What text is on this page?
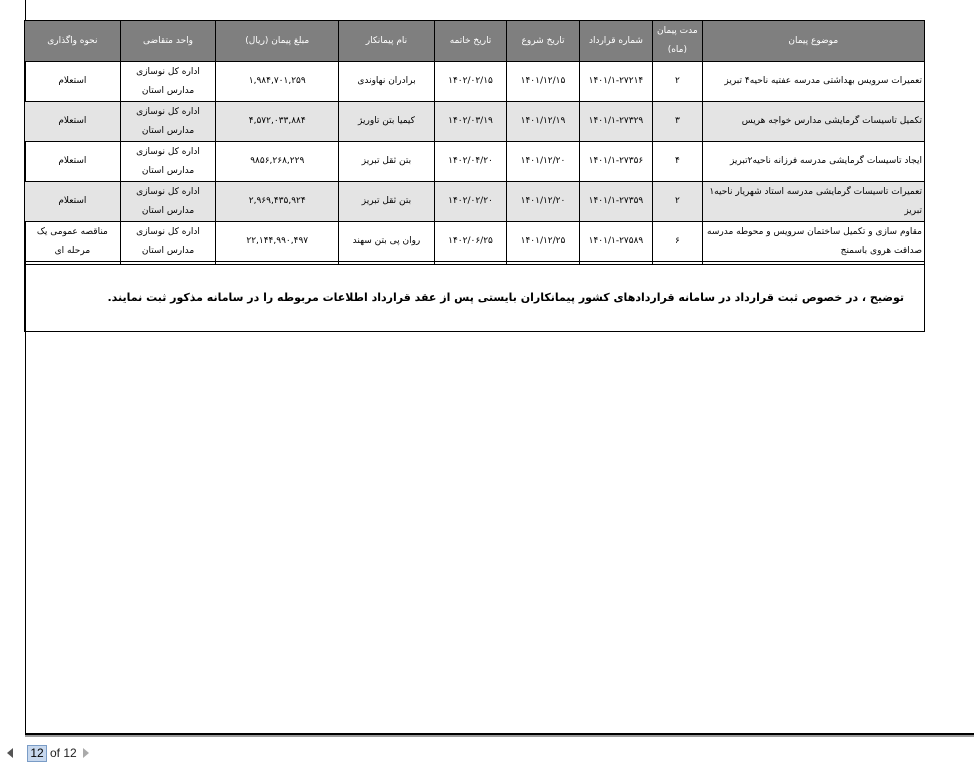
موضوع پیمان	مدت پیمان (ماه)	شماره قرارداد	تاریخ شروع	تاریخ خاتمه	نام پیمانکار	مبلغ پیمان (ریال)	واحد متقاضی	نحوه واگذاری
تعمیرات سرویس بهداشتی مدرسه عفتیه ناحیه۴ تبریز	۲	۱۴۰۱/۱-۲۷۲۱۴	۱۴۰۱/۱۲/۱۵	۱۴۰۲/۰۲/۱۵	برادران نهاوندی	۱,۹۸۴,۷۰۱,۲۵۹	اداره کل نوسازی مدارس استان	استعلام
تکمیل تاسیسات گرمایشی مدارس خواجه هریس	۳	۱۴۰۱/۱-۲۷۳۲۹	۱۴۰۱/۱۲/۱۹	۱۴۰۲/۰۳/۱۹	کیمیا بتن تاوریژ	۴,۵۷۲,۰۳۳,۸۸۴	اداره کل نوسازی مدارس استان	استعلام
ایجاد تاسیسات گرمایشی مدرسه فرزانه ناحیه۲تبریز	۴	۱۴۰۱/۱-۲۷۳۵۶	۱۴۰۱/۱۲/۲۰	۱۴۰۲/۰۴/۲۰	بتن ثقل تبریز	۹۸۵۶,۲۶۸,۲۲۹	اداره کل نوسازی مدارس استان	استعلام
تعمیرات تاسیسات گرمایشی مدرسه استاد شهریار ناحیه۱ تبریز	۲	۱۴۰۱/۱-۲۷۳۵۹	۱۴۰۱/۱۲/۲۰	۱۴۰۲/۰۲/۲۰	بتن ثقل تبریز	۲,۹۶۹,۴۳۵,۹۲۴	اداره کل نوسازی مدارس استان	استعلام
مقاوم سازی و تکمیل ساختمان سرویس و محوطه مدرسه صداقت هروی باسمنج	۶	۱۴۰۱/۱-۲۷۵۸۹	۱۴۰۱/۱۲/۲۵	۱۴۰۲/۰۶/۲۵	روان پی بتن سهند	۲۲,۱۴۴,۹۹۰,۴۹۷	اداره کل نوسازی مدارس استان	مناقصه عمومی یک مرحله ای

توضیح ، در خصوص ثبت قرارداد در سامانه قراردادهای کشور پیمانکاران بایستی پس از عقد قرارداد اطلاعات مربوطه را در سامانه مذکور ثبت نمایند.
12
of 12
